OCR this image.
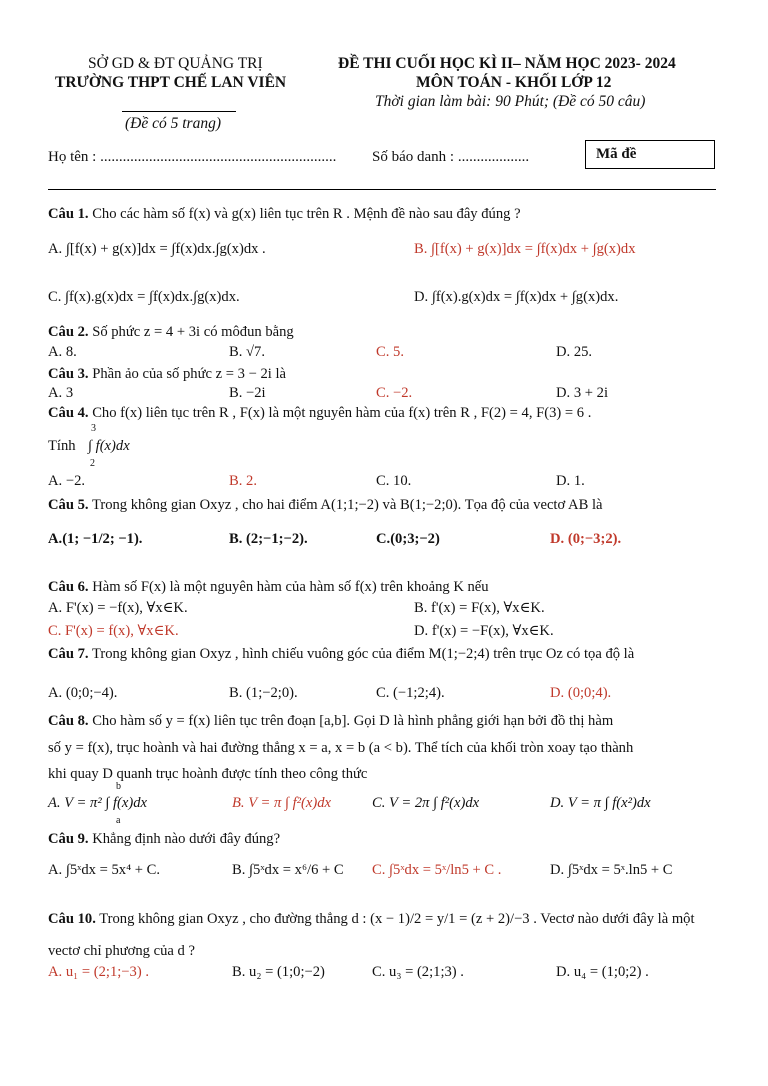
SỞ GD & ĐT QUẢNG TRỊ
TRƯỜNG THPT CHẾ LAN VIÊN
(Đề có 5 trang)
ĐỀ THI CUỐI HỌC KÌ II– NĂM HỌC 2023- 2024
MÔN TOÁN - KHỐI LỚP 12
Thời gian làm bài: 90 Phút; (Đề có 50 câu)
Họ tên : ............................................................... Số báo danh : ...................	Mã đề
Câu 1. Cho các hàm số f(x) và g(x) liên tục trên R . Mệnh đề nào sau đây đúng ?
A. ∫[f(x) + g(x)]dx = ∫f(x)dx.∫g(x)dx .	B. ∫[f(x) + g(x)]dx = ∫f(x)dx + ∫g(x)dx
C. ∫f(x).g(x)dx = ∫f(x)dx.∫g(x)dx.	D. ∫f(x).g(x)dx = ∫f(x)dx + ∫g(x)dx.
Câu 2. Số phức z = 4 + 3i có môđun bằng
A. 8.	B. √7.	C. 5.	D. 25.
Câu 3. Phần ảo của số phức z = 3 − 2i là
A. 3	B. −2i	C. −2.	D. 3 + 2i
Câu 4. Cho f(x) liên tục trên R , F(x) là một nguyên hàm của f(x) trên R , F(2) = 4, F(3) = 6 .
Tính
3
∫ f(x)dx
2
A. −2.	B. 2.	C. 10.	D. 1.
Câu 5. Trong không gian Oxyz , cho hai điểm A(1;1;−2) và B(1;−2;0). Tọa độ của vectơ AB là
A.(1; −1/2; −1).	B. (2;−1;−2).	C.(0;3;−2)	D. (0;−3;2).
Câu 6. Hàm số F(x) là một nguyên hàm của hàm số f(x) trên khoảng K nếu
A. F'(x) = −f(x), ∀x∈K.	B. f'(x) = F(x), ∀x∈K.
C. F'(x) = f(x), ∀x∈K.	D. f'(x) = −F(x), ∀x∈K.
Câu 7. Trong không gian Oxyz , hình chiếu vuông góc của điểm M(1;−2;4) trên trục Oz có tọa độ là
A. (0;0;−4).	B. (1;−2;0).	C. (−1;2;4).	D. (0;0;4).
Câu 8. Cho hàm số y = f(x) liên tục trên đoạn [a,b]. Gọi D là hình phẳng giới hạn bởi đồ thị hàm
số y = f(x), trục hoành và hai đường thẳng x = a, x = b (a < b). Thể tích của khối tròn xoay tạo thành
khi quay D quanh trục hoành được tính theo công thức
A. V = π² ∫ f(x)dx	B. V = π ∫ f²(x)dx	C. V = 2π ∫ f²(x)dx	D. V = π ∫ f(x²)dx
b
a
Câu 9. Khẳng định nào dưới đây đúng?
A. ∫5ˣdx = 5x⁴ + C.	B. ∫5ˣdx = x⁶/6 + C C. ∫5ˣdx = 5ˣ/ln5 + C .	D. ∫5ˣdx = 5ˣ.ln5 + C
Câu 10. Trong không gian Oxyz , cho đường thẳng d : (x − 1)/2 = y/1 = (z + 2)/−3 . Vectơ nào dưới đây là một
vectơ chỉ phương của d ?
A. u₁ = (2;1;−3) .	B. u₂ = (1;0;−2)	C. u₃ = (2;1;3) .	D. u₄ = (1;0;2) .
